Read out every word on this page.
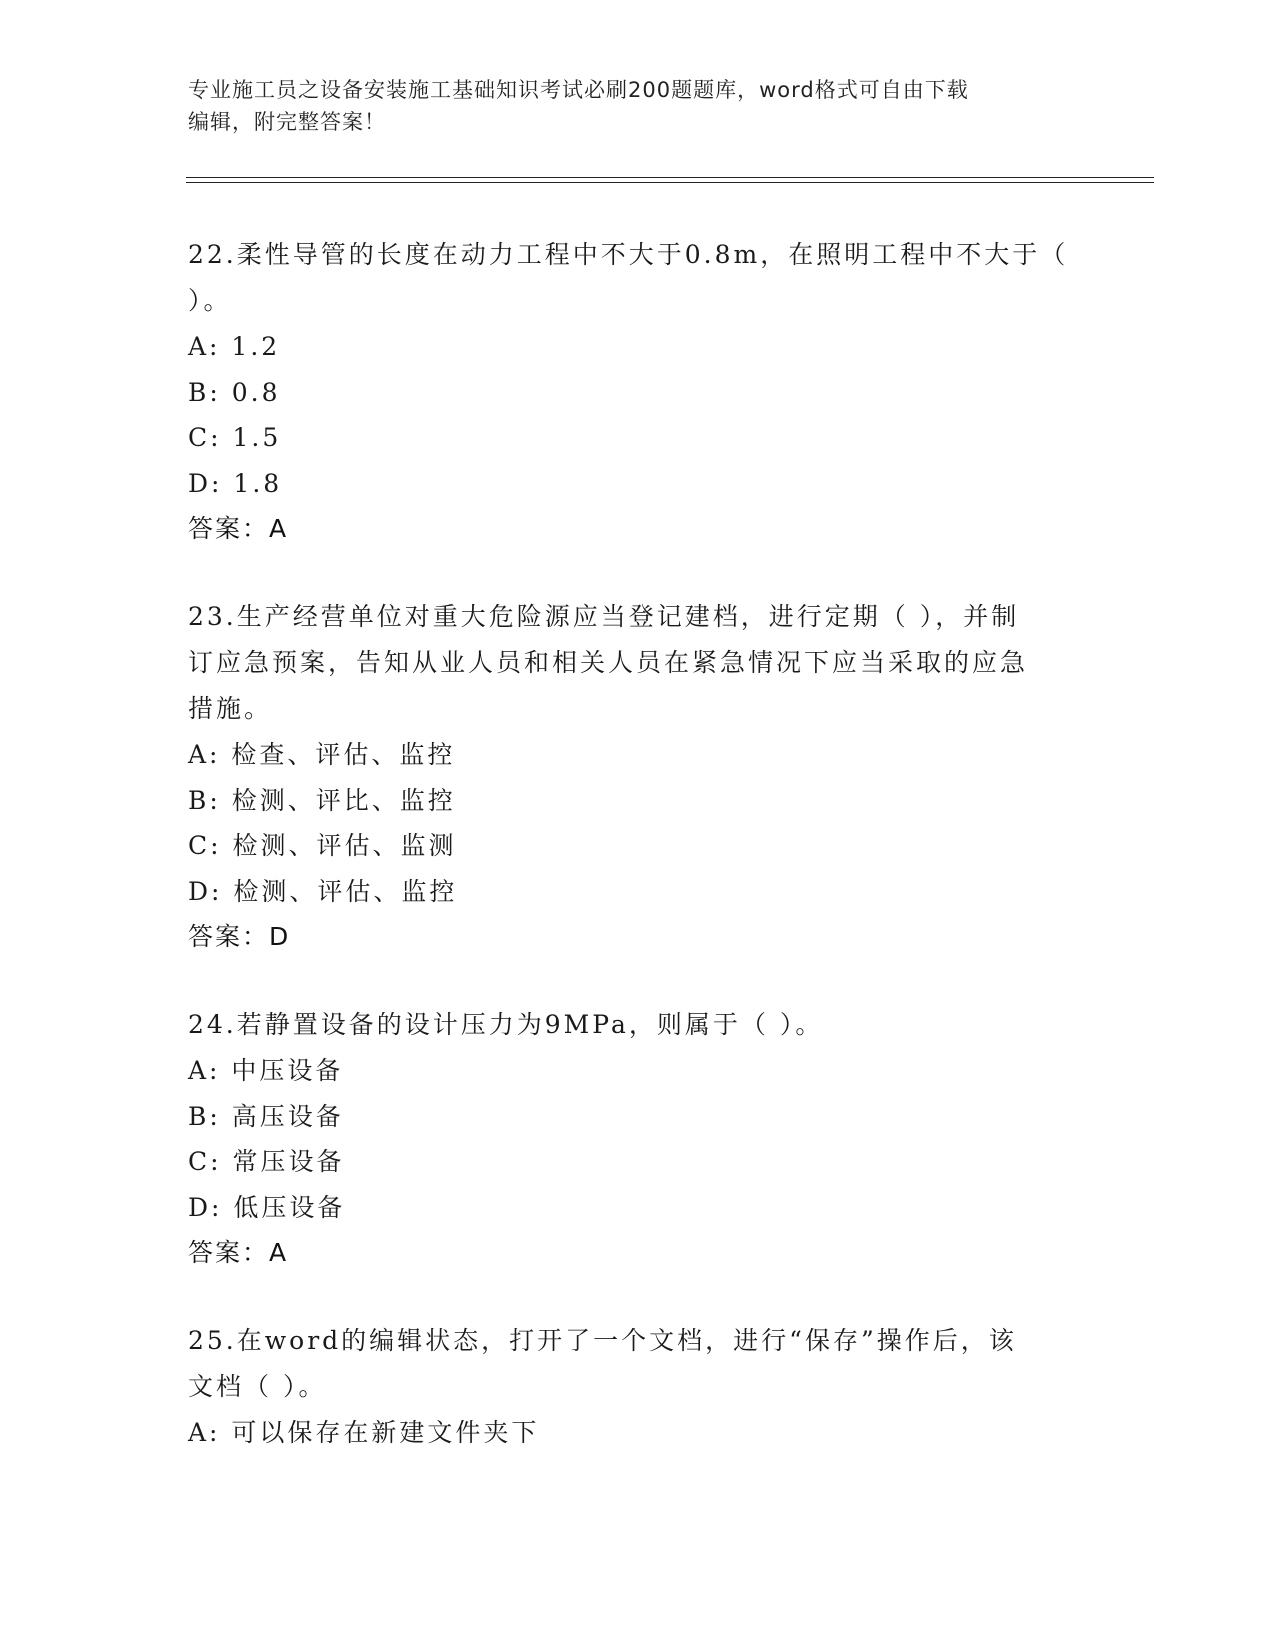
专业施工员之设备安装施工基础知识考试必刷200题题库，word格式可自由下载
编辑，附完整答案！
22.柔性导管的长度在动力工程中不大于0.8m，在照明工程中不大于（
）。
A: 1.2
B: 0.8
C: 1.5
D: 1.8
答案：A
23.生产经营单位对重大危险源应当登记建档，进行定期（ ），并制
订应急预案，告知从业人员和相关人员在紧急情况下应当采取的应急
措施。
A: 检查、评估、监控
B: 检测、评比、监控
C: 检测、评估、监测
D: 检测、评估、监控
答案：D
24.若静置设备的设计压力为9MPa，则属于（ ）。
A: 中压设备
B: 高压设备
C: 常压设备
D: 低压设备
答案：A
25.在word的编辑状态，打开了一个文档，进行“保存”操作后，该
文档（ ）。
A: 可以保存在新建文件夹下
